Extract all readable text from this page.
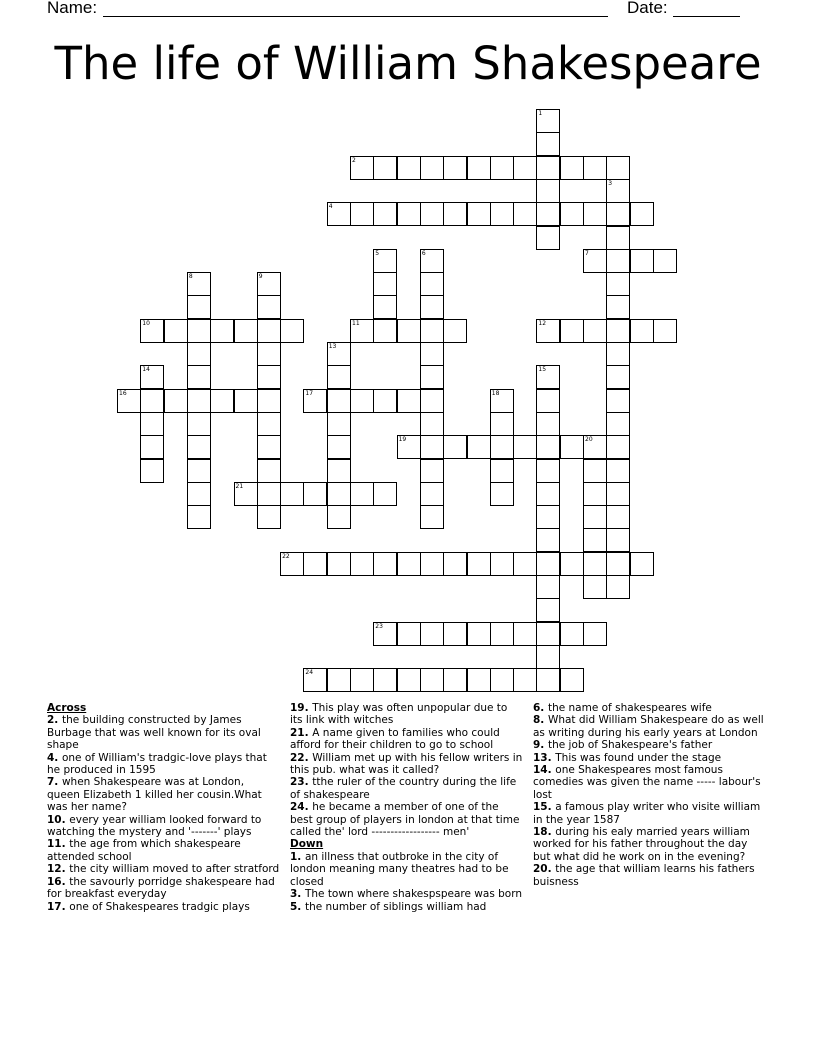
Name:	Date:
The life of William Shakespeare
1
2
3
4
5	6	7
8	9
10	11	12
13
14	15
16	17	18
19	20
21
22
23
24
Across
2. the building constructed by James Burbage that was well known for its oval shape
4. one of William's tradgic-love plays that he produced in 1595
7. when Shakespeare was at London, queen Elizabeth 1 killed her cousin.What was her name?
10. every year william looked forward to watching the mystery and '-------' plays
11. the age from which shakespeare attended school
12. the city william moved to after stratford
16. the savourly porridge shakespeare had for breakfast everyday
17. one of Shakespeares tradgic plays
19. This play was often unpopular due to its link with witches
21. A name given to families who could afford for their children to go to school
22. William met up with his fellow writers in this pub. what was it called?
23. tthe ruler of the country during the life of shakespeare
24. he became a member of one of the best group of players in london at that time called the' lord ------------------ men'
Down
1. an illness that outbroke in the city of london meaning many theatres had to be closed
3. The town where shakespspeare was born
5. the number of siblings william had
6. the name of shakespeares wife
8. What did William Shakespeare do as well as writing during his early years at London
9. the job of Shakespeare's father
13. This was found under the stage
14. one Shakespeares most famous comedies was given the name ----- labour's lost
15. a famous play writer who visite william in the year 1587
18. during his ealy married years william worked for his father throughout the day but what did he work on in the evening?
20. the age that william learns his fathers buisness
